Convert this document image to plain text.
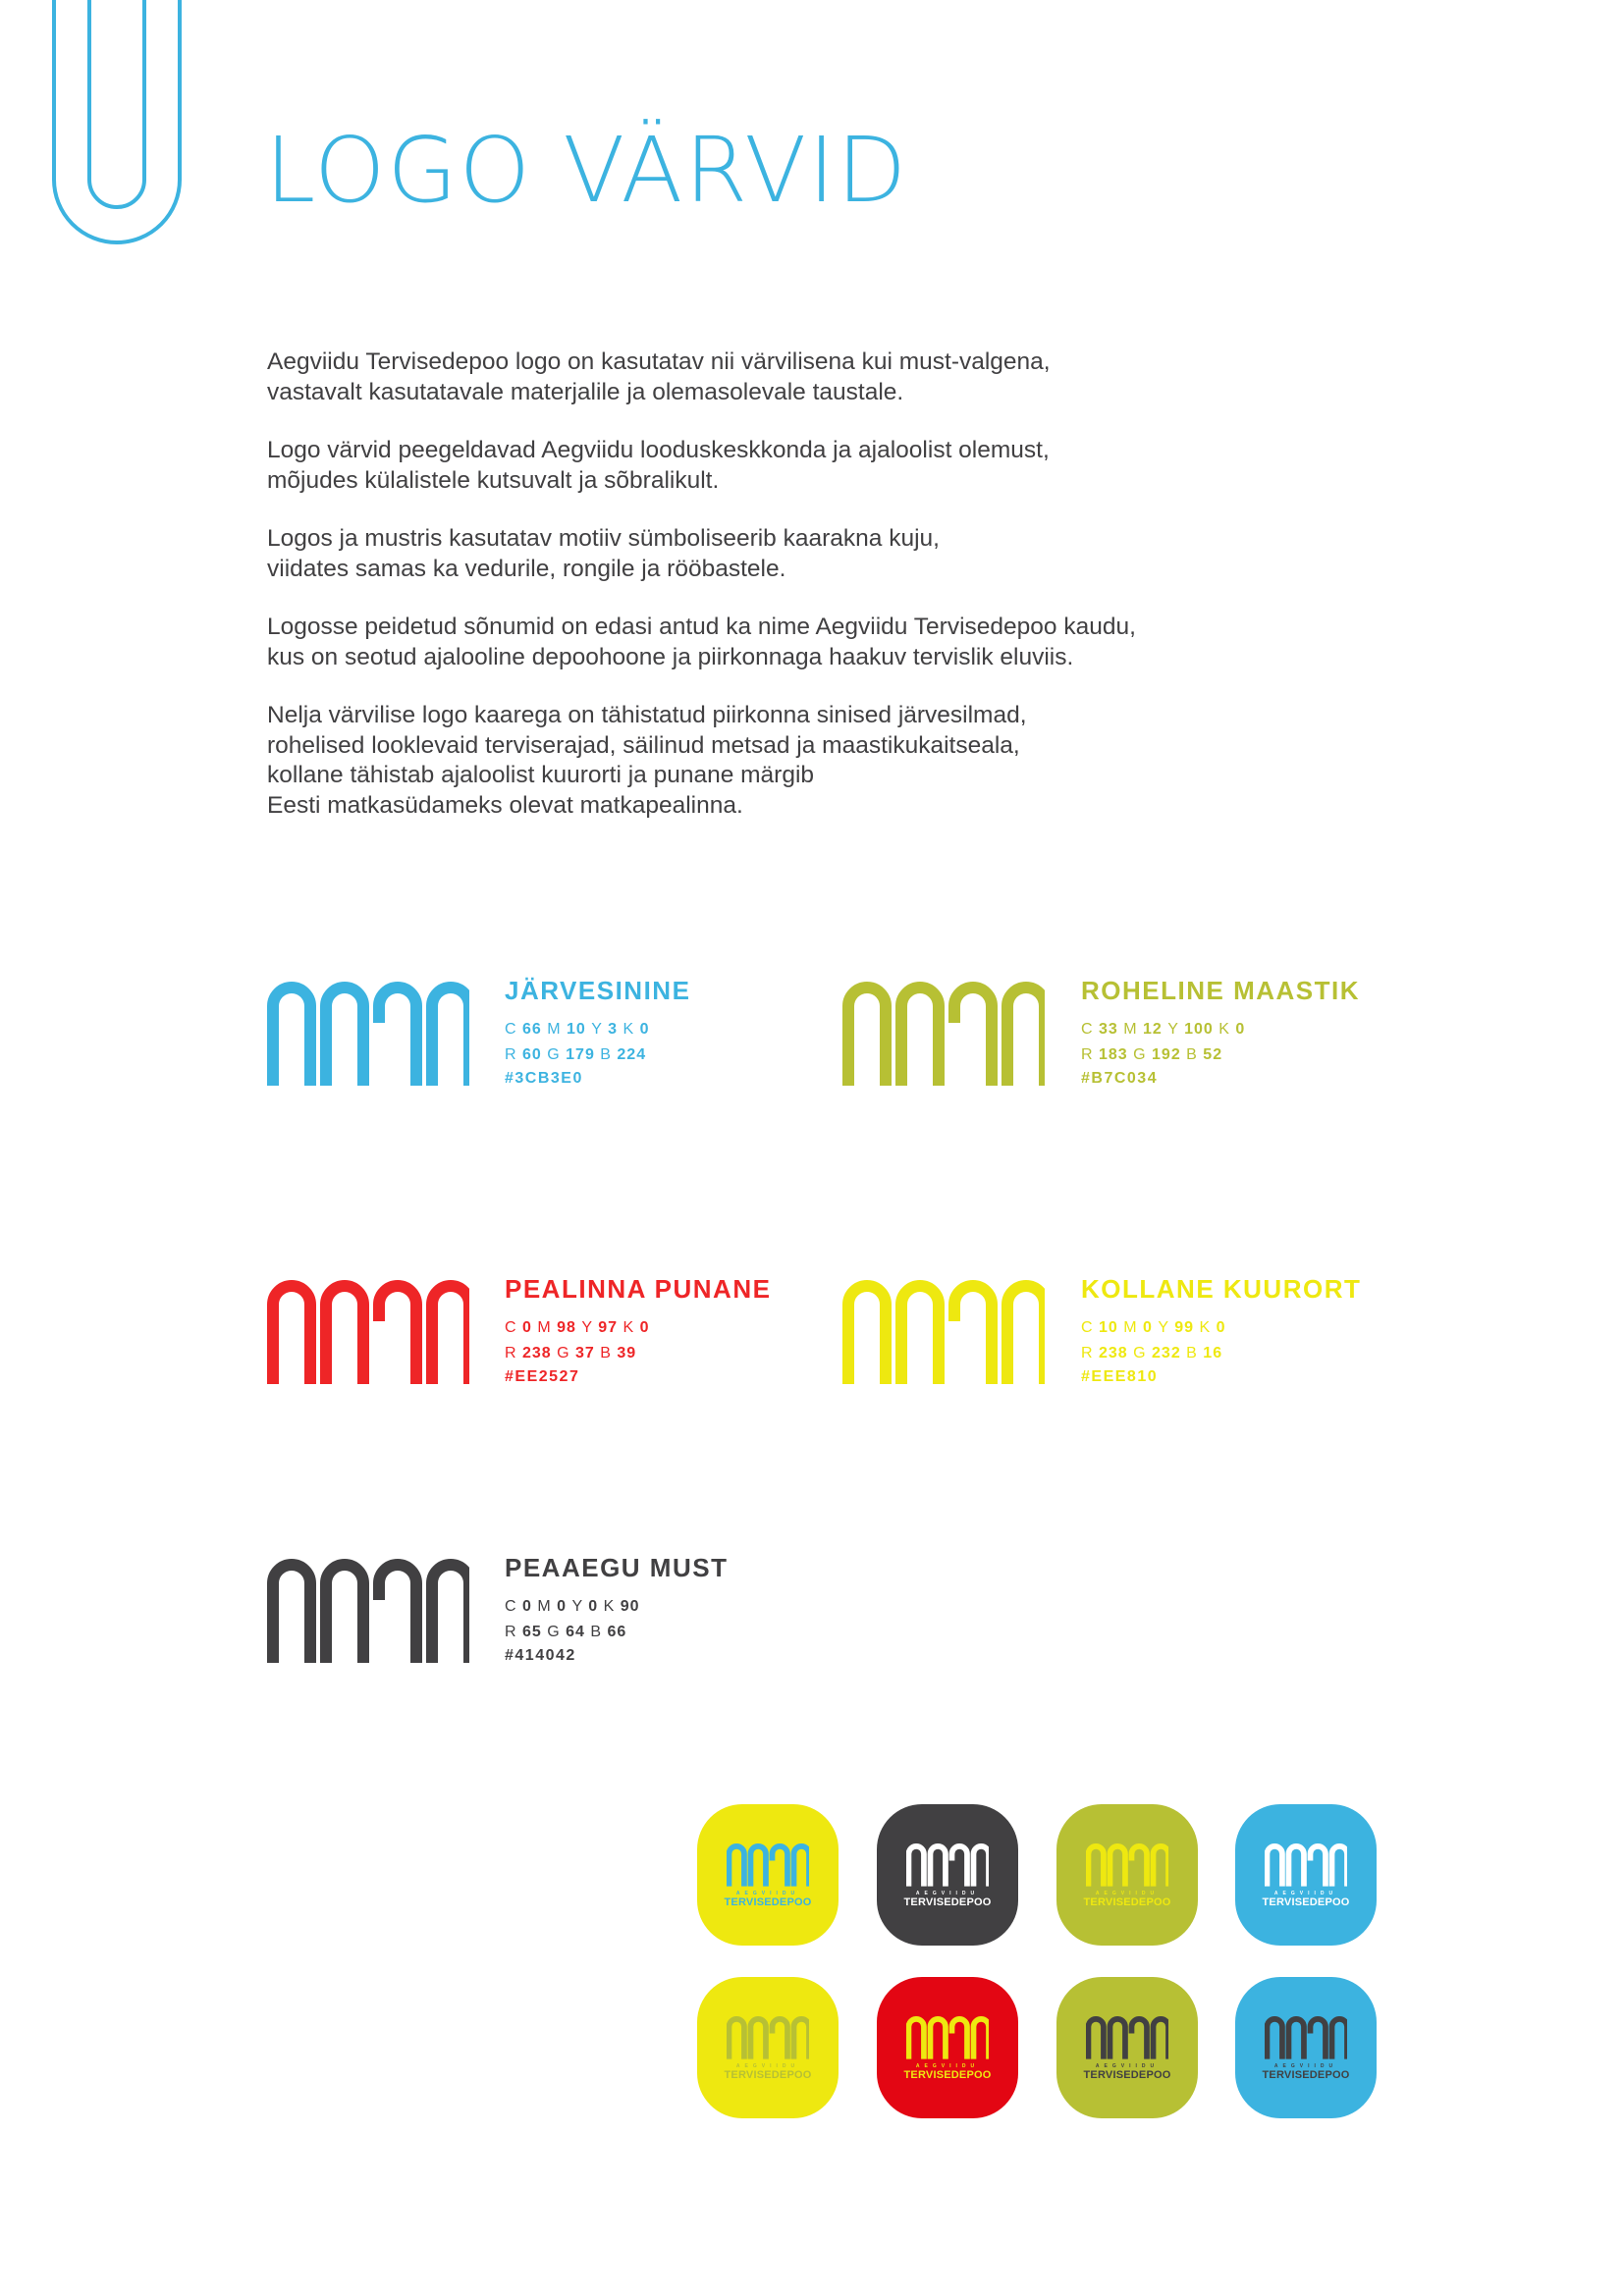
LOGO VÄRVID

Aegviidu Tervisedepoo logo on kasutatav nii värvilisena kui must-valgena,
vastavalt kasutatavale materjalile ja olemasolevale taustale.

Logo värvid peegeldavad Aegviidu looduskeskkonda ja ajaloolist olemust,
mõjudes külalistele kutsuvalt ja sõbralikult.

Logos ja mustris kasutatav motiiv sümboliseerib kaarakna kuju,
viidates samas ka vedurile, rongile ja rööbastele.

Logosse peidetud sõnumid on edasi antud ka nime Aegviidu Tervisedepoo kaudu,
kus on seotud ajalooline depoohoone ja piirkonnaga haakuv tervislik eluviis.

Nelja värvilise logo kaarega on tähistatud piirkonna sinised järvesilmad,
rohelised looklevaid terviserajad, säilinud metsad ja maastikukaitseala,
kollane tähistab ajaloolist kuurorti ja punane märgib
Eesti matkasüdameks olevat matkapealinna.

JÄRVESININE
C 66 M 10 Y 3 K 0
R 60 G 179 B 224
#3CB3E0
ROHELINE MAASTIK
C 33 M 12 Y 100 K 0
R 183 G 192 B 52
#B7C034
PEALINNA PUNANE
C 0 M 98 Y 97 K 0
R 238 G 37 B 39
#EE2527
KOLLANE KUURORT
C 10 M 0 Y 99 K 0
R 238 G 232 B 16
#EEE810
PEAAEGU MUST
C 0 M 0 Y 0 K 90
R 65 G 64 B 66
#414042
AEGVIIDU
TERVISEDEPOO
AEGVIIDU
TERVISEDEPOO
AEGVIIDU
TERVISEDEPOO
AEGVIIDU
TERVISEDEPOO
AEGVIIDU
TERVISEDEPOO
AEGVIIDU
TERVISEDEPOO
AEGVIIDU
TERVISEDEPOO
AEGVIIDU
TERVISEDEPOO
